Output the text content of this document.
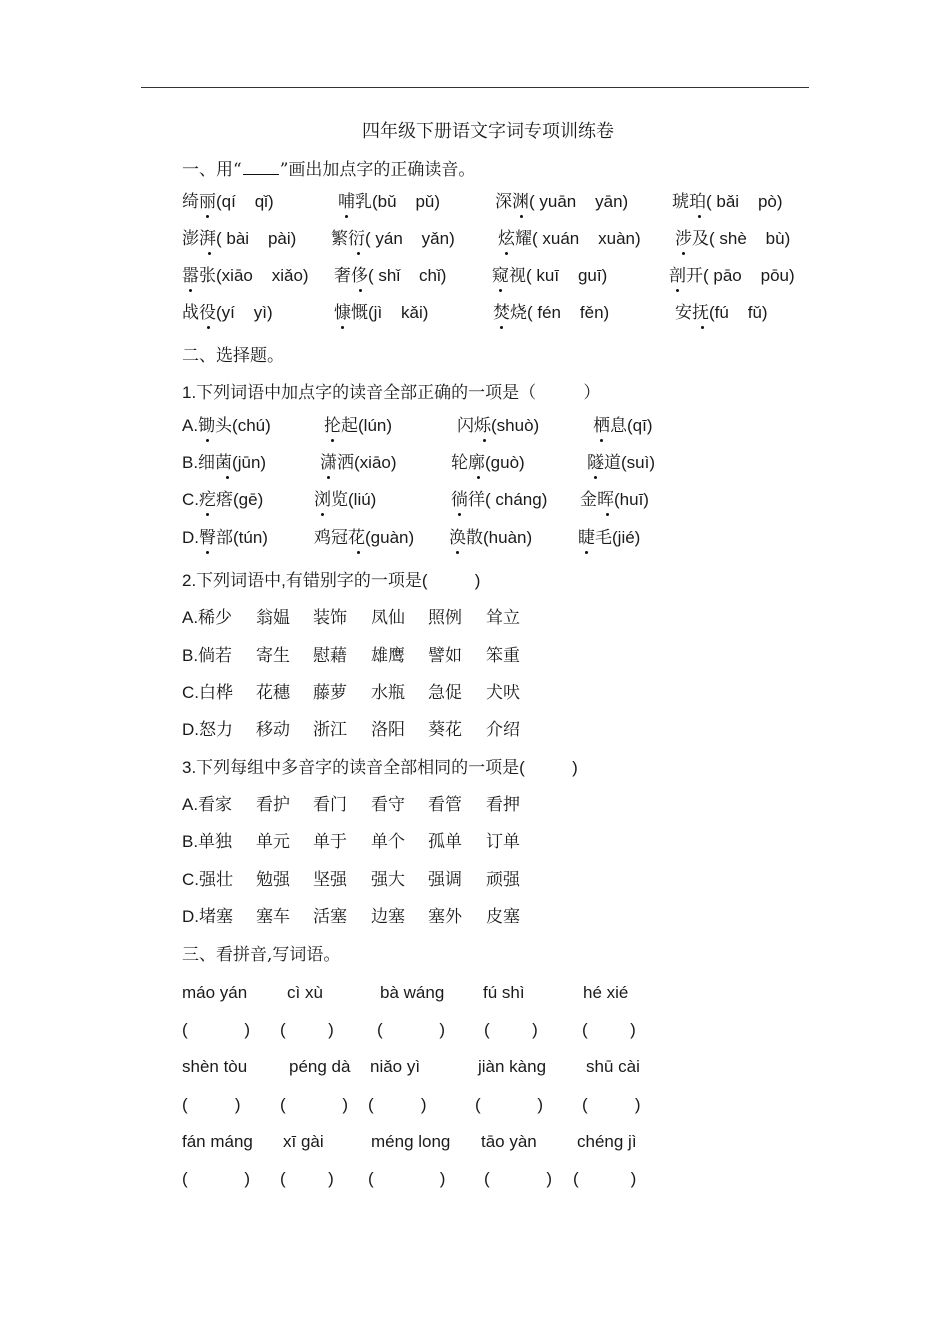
四年级下册语文字词专项训练卷
一、用“ ”画出加点字的正确读音。
绮丽(qí    qǐ)	哺乳(bǔ    pǔ)	深渊( yuān    yān)	琥珀( bǎi    pò)
澎湃( bài    pài) 繁衍( yán    yǎn)	炫耀( xuán    xuàn) 涉及( shè    bù)
嚣张(xiāo    xiǎo) 奢侈( shǐ    chǐ)	窥视( kuī    guī)	剖开( pāo    pōu)
战役(yí    yì)	慷慨(jì    kǎi)	焚烧( fén    fěn)	安抚(fú    fǔ)
二、选择题。
1.下列词语中加点字的读音全部正确的一项是（          ）
A.锄头(chú)	抡起(lún)	闪烁(shuò)	栖息(qī)
B.细菌(jūn)	潇洒(xiāo)	轮廓(guò)	隧道(suì)
C.疙瘩(gē)	浏览(liú)	徜徉( cháng) 金晖(huī)
D.臀部(tún)	鸡冠花(guàn) 涣散(huàn)	睫毛(jié)
2.下列词语中,有错别字的一项是(          )
A.稀少 翁媪 装饰 凤仙 照例 耸立
B.倘若 寄生 慰藉 雄鹰 譬如 笨重
C.白桦 花穗 藤萝 水瓶 急促 犬吠
D.怒力 移动 浙江 洛阳 葵花 介绍
3.下列每组中多音字的读音全部相同的一项是(          )
A.看家 看护 看门 看守 看管 看押
B.单独 单元 单于 单个 孤单 订单
C.强壮 勉强 坚强 强大 强调 顽强
D.堵塞 塞车 活塞 边塞 塞外 皮塞
三、看拼音,写词语。
máo yán cì xù	bà wáng fú shì	hé xié
(            ) (         )	(            ) (         )	(         )
shèn tòu péng dà niǎo yì	jiàn kàng shū cài
(          ) (            ) (          )	(            ) (          )
fán máng xī gài	méng long tāo yàn chéng jì
(            ) (         ) (              ) (            ) (           )
